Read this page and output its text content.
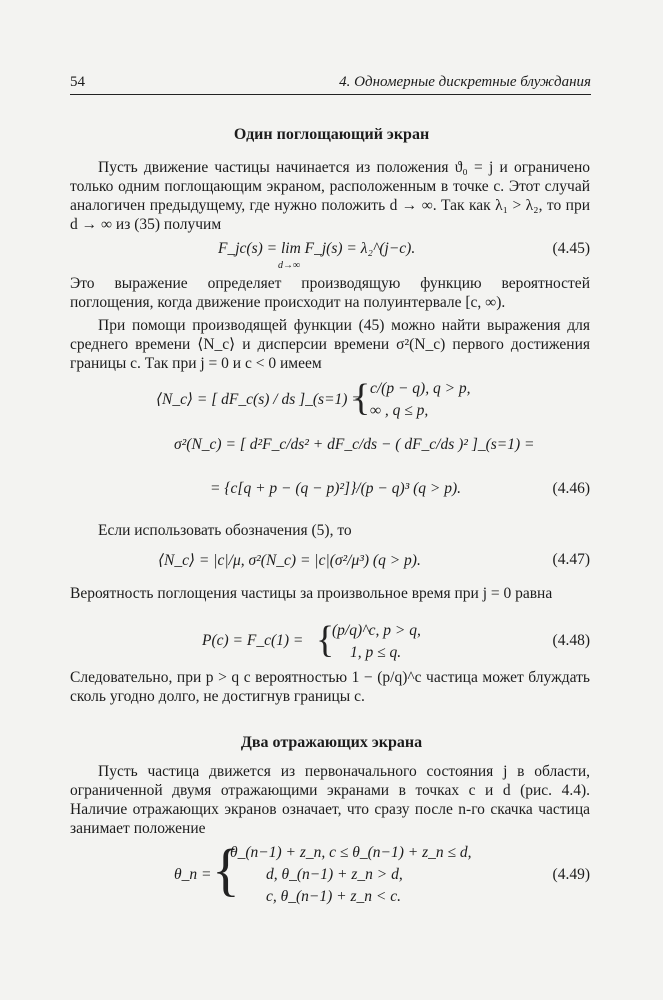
54	4. Одномерные дискретные блуждания
Один поглощающий экран
Пусть движение частицы начинается из положения ϑ₀ = j и ограничено только одним поглощающим экраном, расположенным в точке c. Этот случай аналогичен предыдущему, где нужно положить d → ∞. Так как λ₁ > λ₂, то при d → ∞ из (35) получим
F_jc(s) = lim F_j(s) = λ₂^(j−c).
d→∞
(4.45)
Это выражение определяет производящую функцию вероятностей поглощения, когда движение происходит на полуинтервале [c, ∞).
При помощи производящей функции (45) можно найти выражения для среднего времени ⟨N_c⟩ и дисперсии времени σ²(N_c) первого достижения границы c. Так при j = 0 и c < 0 имеем
⟨N_c⟩ = [ dF_c(s) / ds ]_(s=1) =
{ c/(p − q), q > p,
∞ , q ≤ p,
σ²(N_c) = [ d²F_c/ds² + dF_c/ds − ( dF_c/ds )² ]_(s=1) =
= {c[q + p − (q − p)²]}/(p − q)³ (q > p).	(4.46)
Если использовать обозначения (5), то
⟨N_c⟩ = |c|/μ, σ²(N_c) = |c|(σ²/μ³) (q > p).	(4.47)
Вероятность поглощения частицы за произвольное время при j = 0 равна
P(c) = F_c(1) = {
(p/q)^c, p > q,
1, p ≤ q.
(4.48)
Следовательно, при p > q с вероятностью 1 − (p/q)^c частица может блуждать сколь угодно долго, не достигнув границы c.
Два отражающих экрана
Пусть частица движется из первоначального состояния j в области, ограниченной двумя отражающими экранами в точках c и d (рис. 4.4). Наличие отражающих экранов означает, что сразу после n-го скачка частица занимает положение
θ_n = {
θ_(n−1) + z_n, c ≤ θ_(n−1) + z_n ≤ d,
d, θ_(n−1) + z_n > d,
c, θ_(n−1) + z_n < c.
(4.49)
